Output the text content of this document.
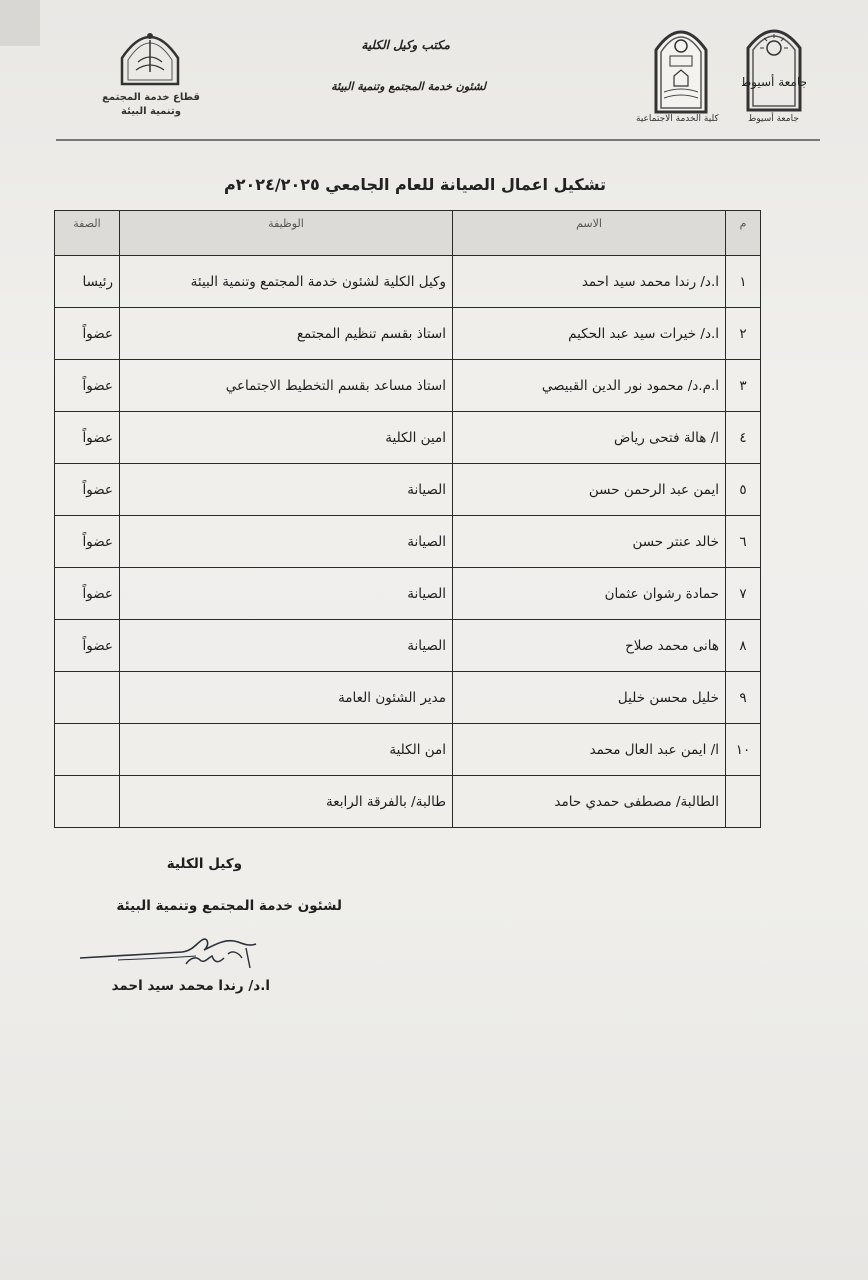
جامعة أسيوط
جامعة أسيوط
كلية الخدمة الاجتماعية
مكتب وكيل الكلية
لشئون خدمة المجتمع وتنمية البيئة
قطاع خدمة المجتمع
وتنمية البيئة
تشكيل اعمال الصيانة للعام الجامعي ٢٠٢٤/٢٠٢٥م
م	الاسم	الوظيفة	الصفة
١	ا.د/ رندا محمد سيد احمد	وكيل الكلية لشئون خدمة المجتمع وتنمية البيئة	رئيسا
٢	ا.د/ خيرات سيد عبد الحكيم	استاذ بقسم تنظيم المجتمع	عضواً
٣	ا.م.د/ محمود نور الدين القبيصي	استاذ مساعد بقسم التخطيط الاجتماعي	عضواً
٤	ا/ هالة فتحى رياض	امين الكلية	عضواً
٥	ايمن عبد الرحمن حسن	الصيانة	عضواً
٦	خالد عنتر حسن	الصيانة	عضواً
٧	حمادة رشوان عثمان	الصيانة	عضواً
٨	هانى محمد صلاح	الصيانة	عضواً
٩	خليل محسن خليل	مدير الشئون العامة	
١٠	ا/ ايمن عبد العال محمد	امن الكلية	
	الطالبة/ مصطفى حمدي حامد	طالبة/ بالفرقة الرابعة	
وكيل الكلية
لشئون خدمة المجتمع وتنمية البيئة
ا.د/ رندا محمد سيد احمد
